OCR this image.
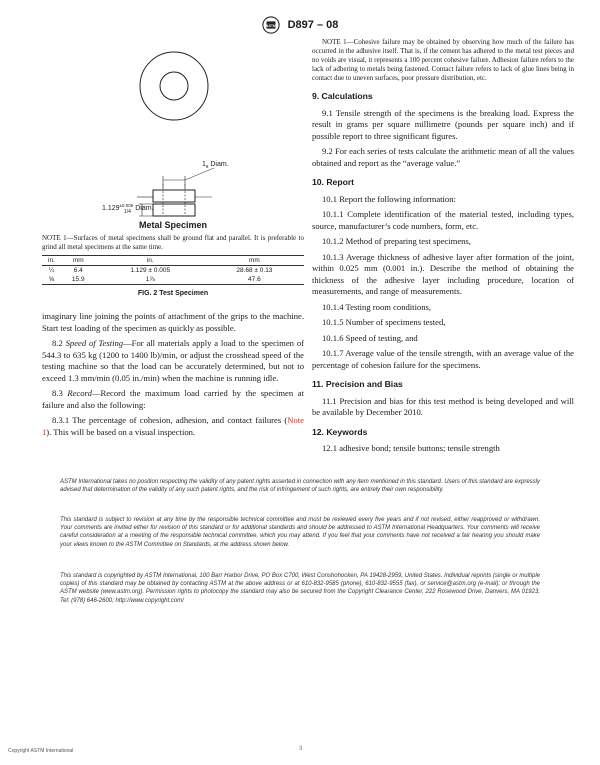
ASTM D897 – 08
$1.129^{\pm 0.005}$ Diam.
$1_8$ Diam.
1/4
Metal Specimen
NOTE 1—Surfaces of metal specimens shall be ground flat and parallel. It is preferable to grind all metal specimens at the same time.
in.	mm	in.	mm
¼	6.4	1.129 ± 0.005	28.68 ± 0.13
⅝	15.9	1⅞	47.6
FIG. 2 Test Specimen

imaginary line joining the points of attachment of the grips to the machine. Start test loading of the specimen as quickly as possible.

8.2 Speed of Testing—For all materials apply a load to the specimen of 544.3 to 635 kg (1200 to 1400 lb)/min, or adjust the crosshead speed of the testing machine so that the load can be accurately determined, but not to exceed 1.3 mm/min (0.05 in./min) when the machine is running idle.

8.3 Record—Record the maximum load carried by the specimen at failure and also the following:

8.3.1 The percentage of cohesion, adhesion, and contact failures (Note 1). This will be based on a visual inspection.

NOTE 1—Cohesive failure may be obtained by observing how much of the failure has occurred in the adhesive itself. That is, if the cement has adhered to the metal test pieces and no voids are visual, it represents a 100 percent cohesive failure. Adhesion failure refers to the lack of adhering to metals being fastened. Contact failure refers to lack of glue lines being in contact due to uneven surfaces, poor pressure distribution, etc.
9. Calculations

9.1 Tensile strength of the specimens is the breaking load. Express the result in grams per square millimetre (pounds per square inch) and if possible report to three significant figures.

9.2 For each series of tests calculate the arithmetic mean of all the values obtained and report as the “average value.”

10. Report

10.1 Report the following information:

10.1.1 Complete identification of the material tested, including types, source, manufacturer’s code numbers, form, etc.

10.1.2 Method of preparing test specimens,

10.1.3 Average thickness of adhesive layer after formation of the joint, within 0.025 mm (0.001 in.). Describe the method of obtaining the thickness of the adhesive layer including procedure, location of measurements, and range of measurements.

10.1.4 Testing room conditions,

10.1.5 Number of specimens tested,

10.1.6 Speed of testing, and

10.1.7 Average value of the tensile strength, with an average value of the percentage of cohesion failure for the specimens.

11. Precision and Bias

11.1 Precision and bias for this test method is being developed and will be available by December 2010.

12. Keywords

12.1 adhesive bond; tensile buttons; tensile strength

ASTM International takes no position respecting the validity of any patent rights asserted in connection with any item mentioned in this standard. Users of this standard are expressly advised that determination of the validity of any such patent rights, and the risk of infringement of such rights, are entirely their own responsibility.
This standard is subject to revision at any time by the responsible technical committee and must be reviewed every five years and if not revised, either reapproved or withdrawn. Your comments are invited either for revision of this standard or for additional standards and should be addressed to ASTM International Headquarters. Your comments will receive careful consideration at a meeting of the responsible technical committee, which you may attend. If you feel that your comments have not received a fair hearing you should make your views known to the ASTM Committee on Standards, at the address shown below.
This standard is copyrighted by ASTM International, 100 Barr Harbor Drive, PO Box C700, West Conshohocken, PA 19428-2959, United States. Individual reprints (single or multiple copies) of this standard may be obtained by contacting ASTM at the above address or at 610-832-9585 (phone), 610-832-9555 (fax), or service@astm.org (e-mail); or through the ASTM website (www.astm.org). Permission rights to photocopy the standard may also be secured from the Copyright Clearance Center, 222 Rosewood Drive, Danvers, MA 01923, Tel: (978) 646-2600; http://www.copyright.com/
Copyright ASTM International	3
